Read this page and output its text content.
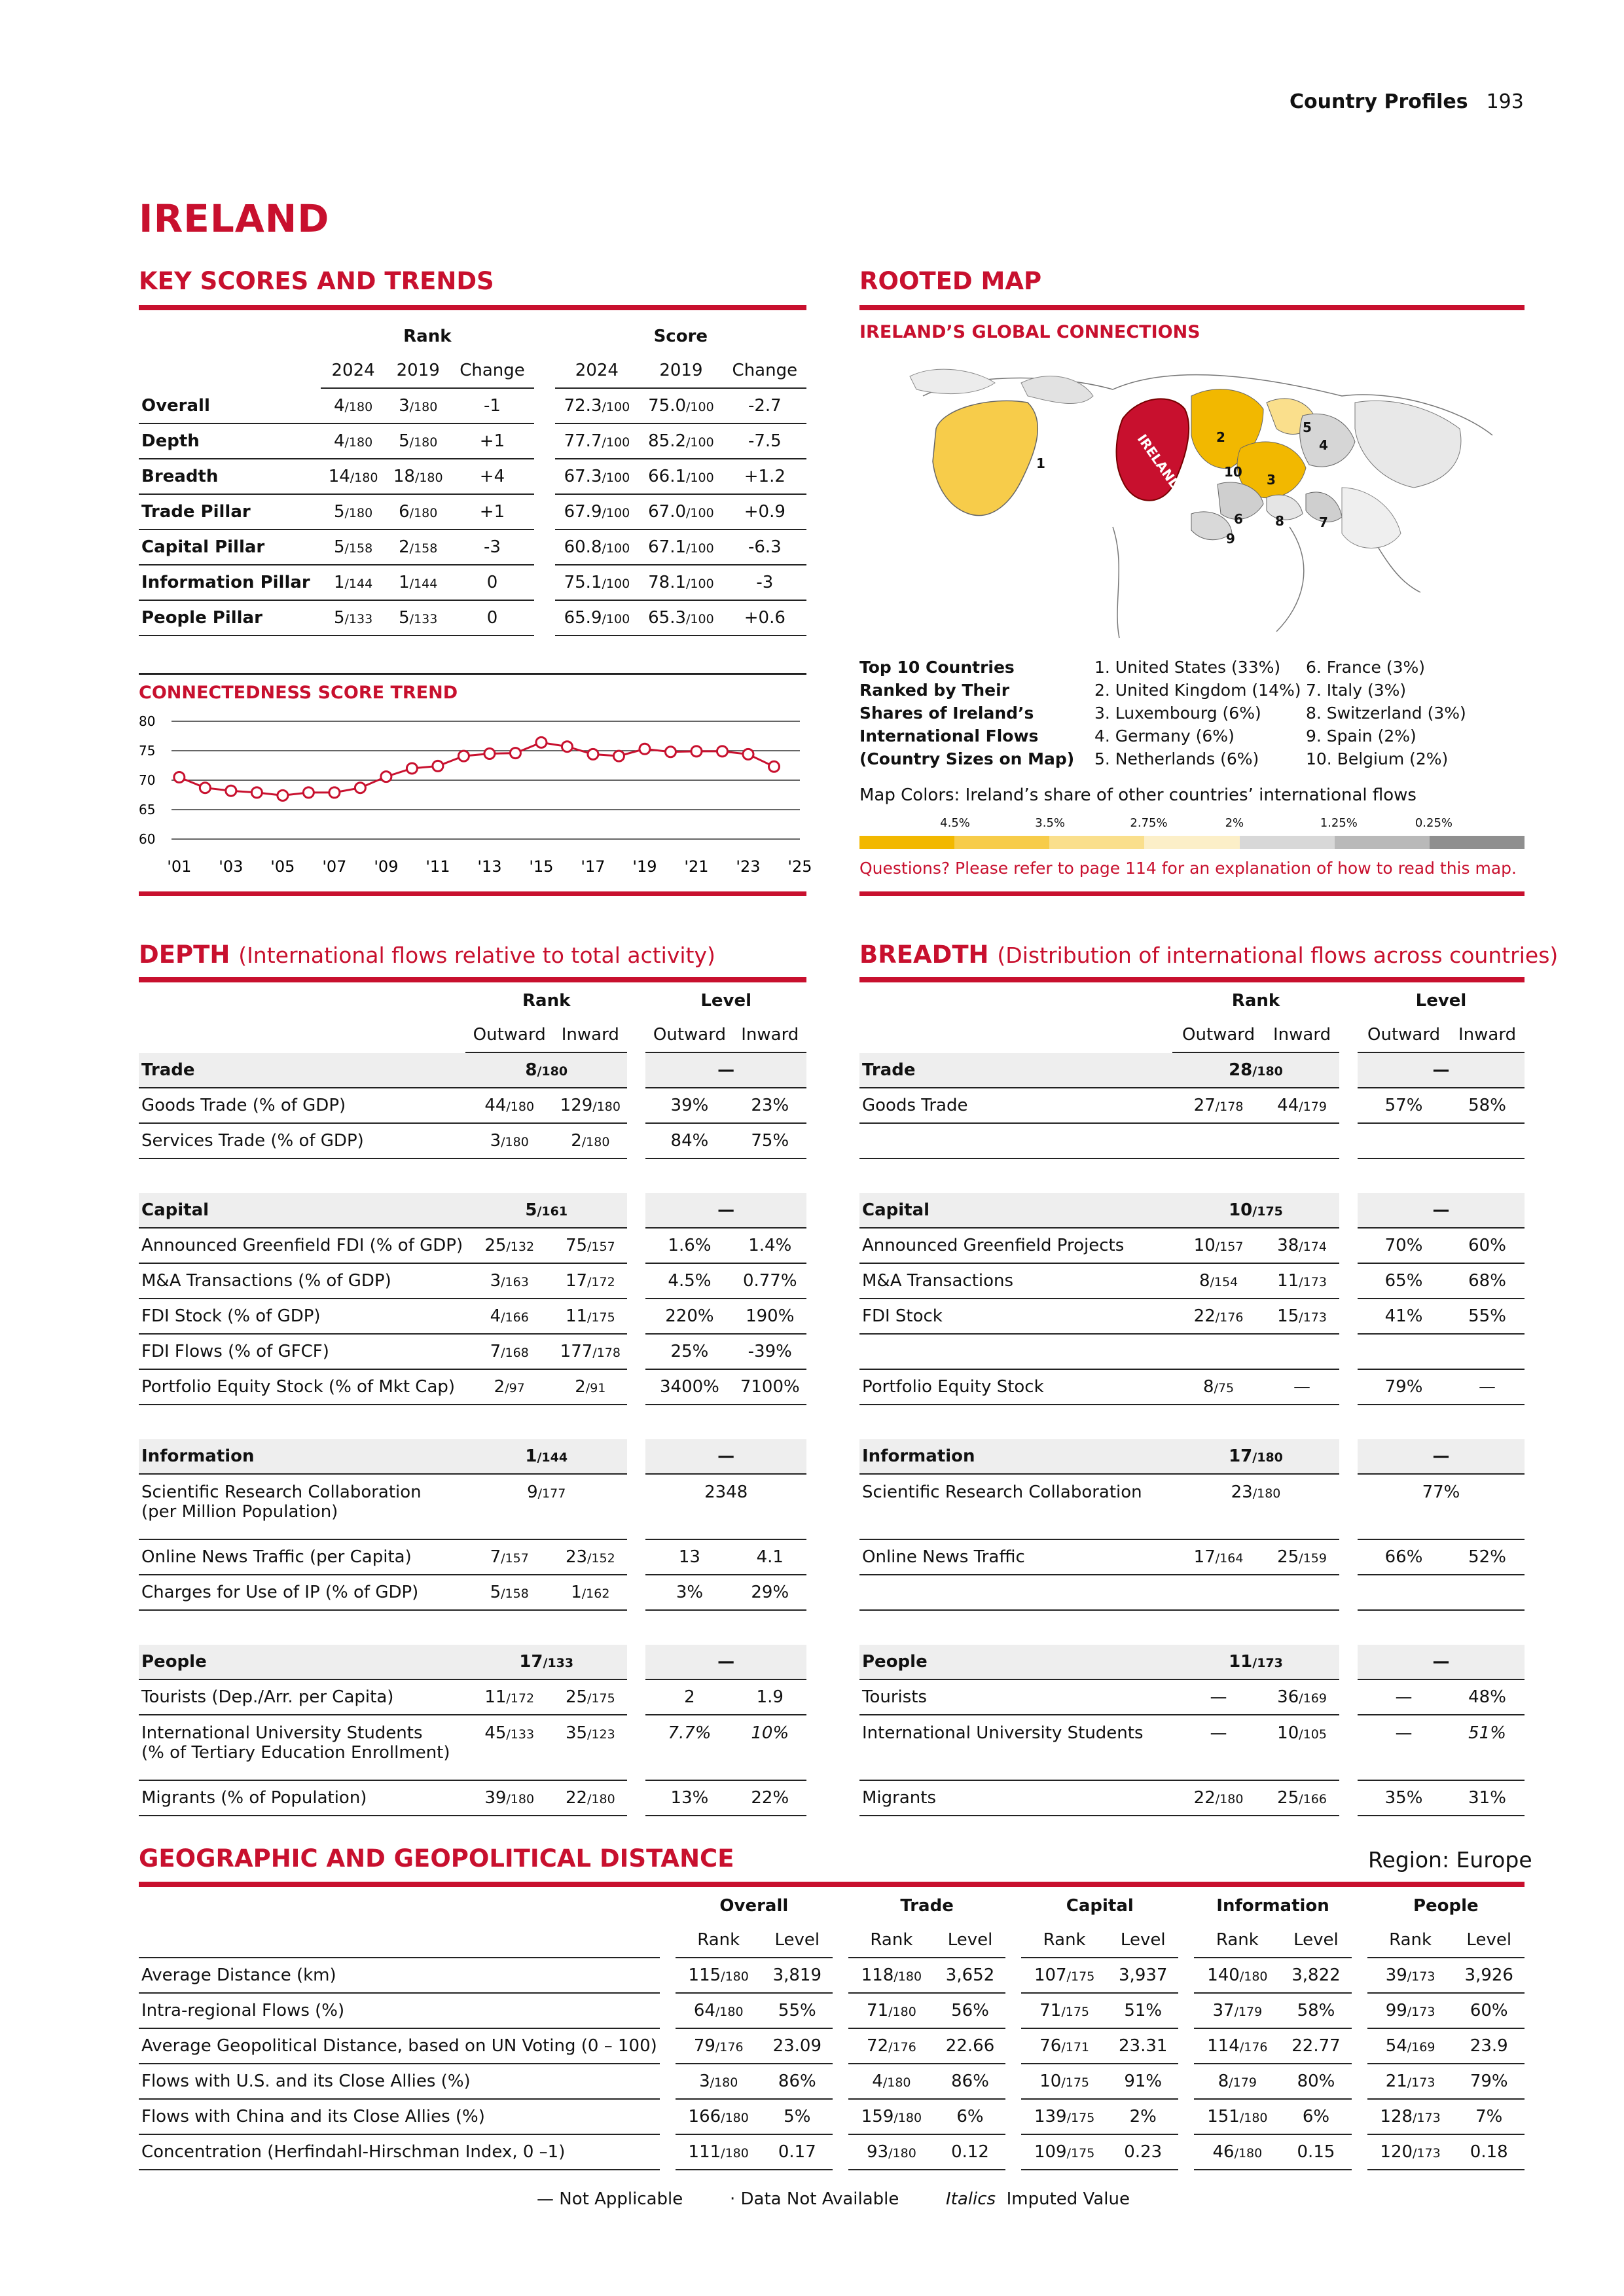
Country Profiles 193
IRELAND
KEY SCORES AND TRENDS
	Rank				Score		
	2024	2019	Change		2024	2019	Change
Overall	4/180	3/180	-1		72.3/100	75.0/100	-2.7
Depth	4/180	5/180	+1		77.7/100	85.2/100	-7.5
Breadth	14/180	18/180	+4		67.3/100	66.1/100	+1.2
Trade Pillar	5/180	6/180	+1		67.9/100	67.0/100	+0.9
Capital Pillar	5/158	2/158	-3		60.8/100	67.1/100	-6.3
Information Pillar	1/144	1/144	0		75.1/100	78.1/100	-3
People Pillar	5/133	5/133	0		65.9/100	65.3/100	+0.6
CONNECTEDNESS SCORE TREND
80
75
70
65
60
'01 '03 '05 '07 '09 '11 '13 '15 '17 '19 '21 '23 '25
ROOTED MAP
IRELAND’S GLOBAL CONNECTIONS
IRELAND
1
2
3
4
5
6	7
8
9
10
Top 10 Countries
Ranked by Their
Shares of Ireland’s
International Flows
(Country Sizes on Map)
1. United States (33%)
2. United Kingdom (14%)
3. Luxembourg (6%)
4. Germany (6%)
5. Netherlands (6%)
6. France (3%)
7. Italy (3%)
8. Switzerland (3%)
9. Spain (2%)
10. Belgium (2%)
Map Colors: Ireland’s share of other countries’ international flows
4.5%	3.5%	2.75%	2%	1.25%	0.25%
Questions? Please refer to page 114 for an explanation of how to read this map.
DEPTH (International flows relative to total activity)
	Rank			Level	
	Outward	Inward		Outward	Inward
Trade	8/180			—	
Goods Trade (% of GDP)	44/180	129/180		39%	23%
Services Trade (% of GDP)	3/180	2/180		84%	75%

Capital	5/161			—	
Announced Greenfield FDI (% of GDP)	25/132	75/157		1.6%	1.4%
M&A Transactions (% of GDP)	3/163	17/172		4.5%	0.77%
FDI Stock (% of GDP)	4/166	11/175		220%	190%
FDI Flows (% of GFCF)	7/168	177/178		25%	-39%
Portfolio Equity Stock (% of Mkt Cap)	2/97	2/91		3400%	7100%

Information	1/144			—	
Scientific Research Collaboration
(per Million Population)	9/177			2348	
Online News Traffic (per Capita)	7/157	23/152		13	4.1
Charges for Use of IP (% of GDP)	5/158	1/162		3%	29%

People	17/133			—	
Tourists (Dep./Arr. per Capita)	11/172	25/175		2	1.9
International University Students
(% of Tertiary Education Enrollment)	45/133	35/123		7.7%	10%
Migrants (% of Population)	39/180	22/180		13%	22%
BREADTH (Distribution of international flows across countries)
	Rank			Level	
	Outward	Inward		Outward	Inward
Trade	28/180			—	
Goods Trade	27/178	44/179		57%	58%

Capital	10/175			—	
Announced Greenfield Projects	10/157	38/174		70%	60%
M&A Transactions	8/154	11/173		65%	68%
FDI Stock	22/176	15/173		41%	55%

Portfolio Equity Stock	8/75	—		79%	—

Information	17/180			—	
Scientific Research Collaboration	23/180			77%	
Online News Traffic	17/164	25/159		66%	52%

People	11/173			—	
Tourists	—	36/169		—	48%
International University Students	—	10/105		—	51%
Migrants	22/180	25/166		35%	31%
GEOGRAPHIC AND GEOPOLITICAL DISTANCE	Region: Europe
		Overall			Trade			Capital			Information			People	
		Rank	Level		Rank	Level		Rank	Level		Rank	Level		Rank	Level
Average Distance (km)		115/180	3,819		118/180	3,652		107/175	3,937		140/180	3,822		39/173	3,926
Intra-regional Flows (%)		64/180	55%		71/180	56%		71/175	51%		37/179	58%		99/173	60%
Average Geopolitical Distance, based on UN Voting (0 – 100)		79/176	23.09		72/176	22.66		76/171	23.31		114/176	22.77		54/169	23.9
Flows with U.S. and its Close Allies (%)		3/180	86%		4/180	86%		10/175	91%		8/179	80%		21/173	79%
Flows with China and its Close Allies (%)		166/180	5%		159/180	6%		139/175	2%		151/180	6%		128/173	7%
Concentration (Herfindahl-Hirschman Index, 0 –1)		111/180	0.17		93/180	0.12		109/175	0.23		46/180	0.15		120/173	0.18
— Not Applicable	· Data Not Available	Italics Imputed Value
